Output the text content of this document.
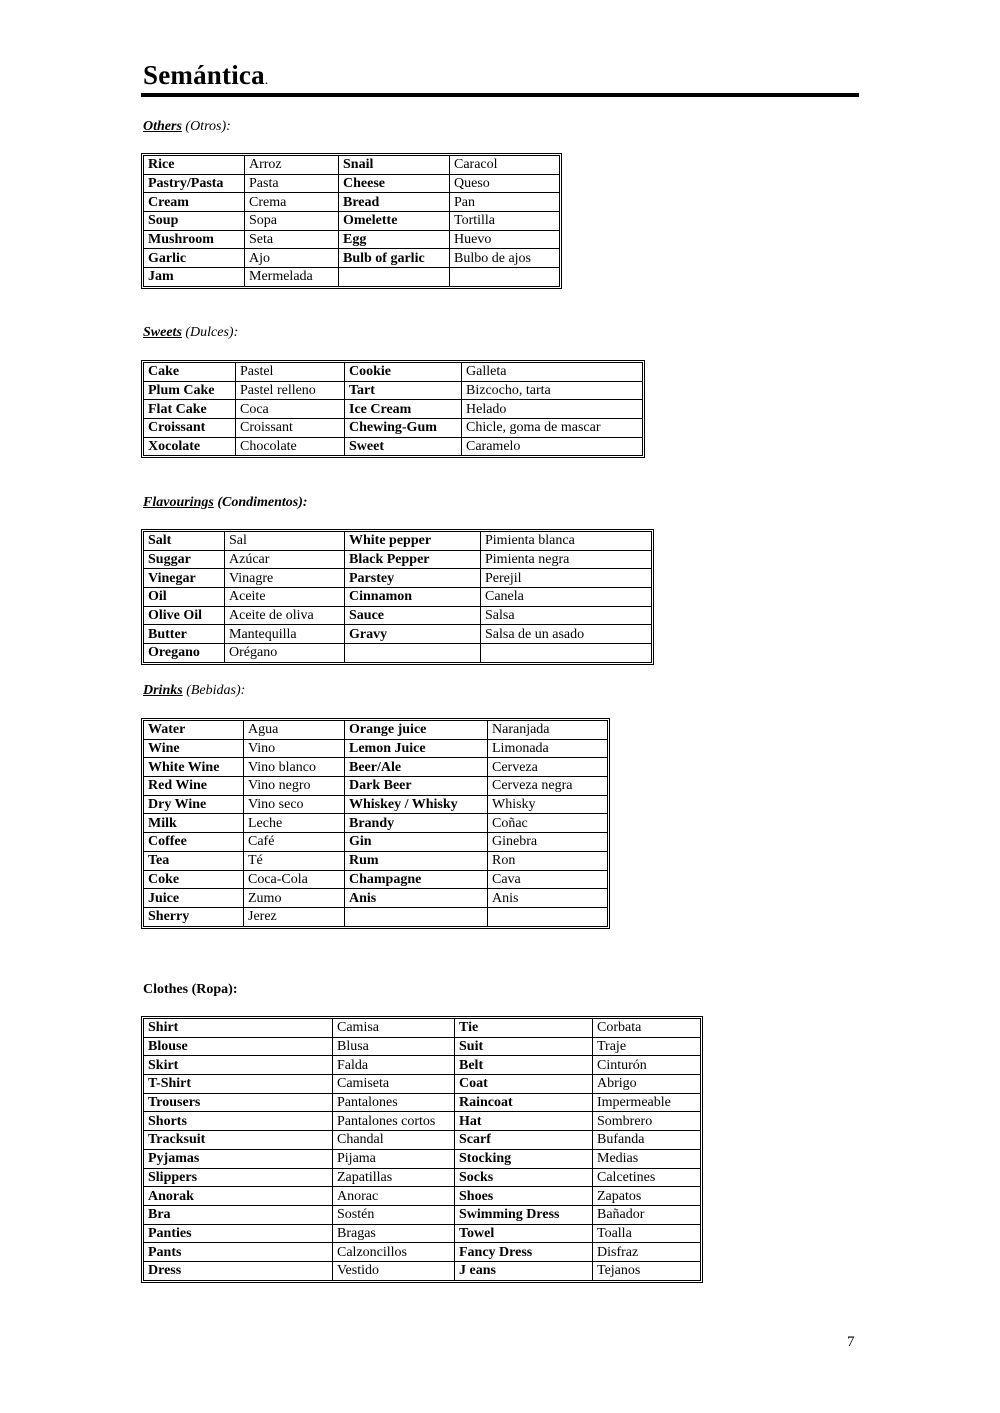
Semántica.
Others (Otros):
Rice	Arroz	Snail	Caracol
Pastry/Pasta	Pasta	Cheese	Queso
Cream	Crema	Bread	Pan
Soup	Sopa	Omelette	Tortilla
Mushroom	Seta	Egg	Huevo
Garlic	Ajo	Bulb of garlic	Bulbo de ajos
Jam	Mermelada		
Sweets (Dulces):
Cake	Pastel	Cookie	Galleta
Plum Cake	Pastel relleno	Tart	Bizcocho, tarta
Flat Cake	Coca	Ice Cream	Helado
Croissant	Croissant	Chewing-Gum	Chicle, goma de mascar
Xocolate	Chocolate	Sweet	Caramelo
Flavourings (Condimentos):
Salt	Sal	White pepper	Pimienta blanca
Suggar	Azúcar	Black Pepper	Pimienta negra
Vinegar	Vinagre	Parstey	Perejil
Oil	Aceite	Cinnamon	Canela
Olive Oil	Aceite de oliva	Sauce	Salsa
Butter	Mantequilla	Gravy	Salsa de un asado
Oregano	Orégano		
Drinks (Bebidas):
Water	Agua	Orange juice	Naranjada
Wine	Vino	Lemon Juice	Limonada
White Wine	Vino blanco	Beer/Ale	Cerveza
Red Wine	Vino negro	Dark Beer	Cerveza negra
Dry Wine	Vino seco	Whiskey / Whisky	Whisky
Milk	Leche	Brandy	Coñac
Coffee	Café	Gin	Ginebra
Tea	Té	Rum	Ron
Coke	Coca-Cola	Champagne	Cava
Juice	Zumo	Anis	Anis
Sherry	Jerez		
Clothes (Ropa):
Shirt	Camisa	Tie	Corbata
Blouse	Blusa	Suit	Traje
Skirt	Falda	Belt	Cinturón
T-Shirt	Camiseta	Coat	Abrigo
Trousers	Pantalones	Raincoat	Impermeable
Shorts	Pantalones cortos	Hat	Sombrero
Tracksuit	Chandal	Scarf	Bufanda
Pyjamas	Pijama	Stocking	Medias
Slippers	Zapatillas	Socks	Calcetines
Anorak	Anorac	Shoes	Zapatos
Bra	Sostén	Swimming Dress	Bañador
Panties	Bragas	Towel	Toalla
Pants	Calzoncillos	Fancy Dress	Disfraz
Dress	Vestido	J eans	Tejanos
7
